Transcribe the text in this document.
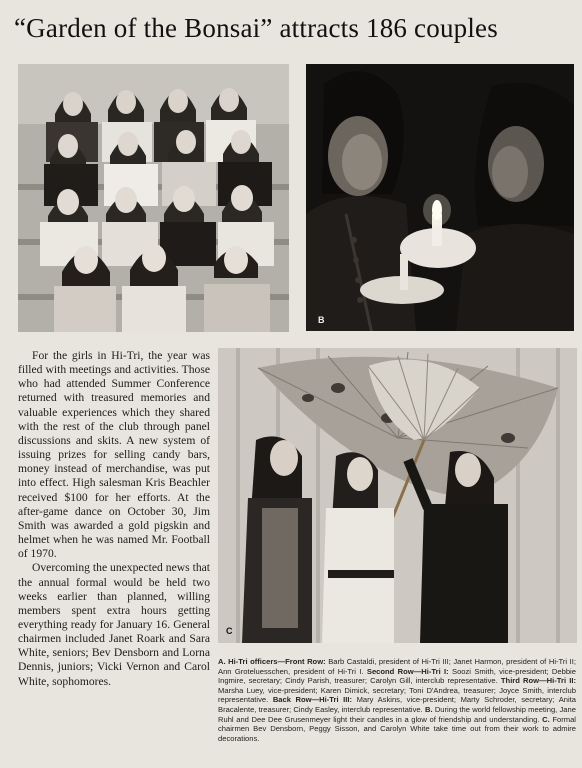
“Garden of the Bonsai” attracts 186 couples
B

For the girls in Hi-Tri, the year was filled with meetings and activities. Those who had attended Summer Conference returned with treasured memories and valuable experiences which they shared with the rest of the club through panel discussions and skits. A new system of issuing prizes for selling candy bars, money instead of merchandise, was put into effect. High salesman Kris Beachler received $100 for her efforts. At the after-game dance on October 30, Jim Smith was awarded a gold pigskin and helmet when he was named Mr. Football of 1970.

Overcoming the unexpected news that the annual formal would be held two weeks earlier than planned, willing members spent extra hours getting everything ready for January 16. General chairmen included Janet Roark and Sara White, seniors; Bev Densborn and Lorna Dennis, juniors; Vicki Vernon and Carol White, sophomores.

C
A. Hi-Tri officers—Front Row: Barb Castaldi, president of Hi-Tri III; Janet Harmon, president of Hi-Tri II; Ann Groteluesschen, president of Hi-Tri I. Second Row—Hi-Tri I: Soozi Smith, vice-president; Debbie Ingmire, secretary; Cindy Parish, treasurer; Carolyn Gill, interclub representative. Third Row—Hi-Tri II: Marsha Luey, vice-president; Karen Dimick, secretary; Toni D'Andrea, treasurer; Joyce Smith, interclub representative. Back Row—Hi-Tri III: Mary Askins, vice-president; Marty Schroder, secretary; Anita Bracalente, treasurer; Cindy Easley, interclub representative. B. During the world fellowship meeting, Jane Ruhl and Dee Dee Grusenmeyer light their candles in a glow of friendship and understanding. C. Formal chairmen Bev Densborn, Peggy Sisson, and Carolyn White take time out from their work to admire decorations.
